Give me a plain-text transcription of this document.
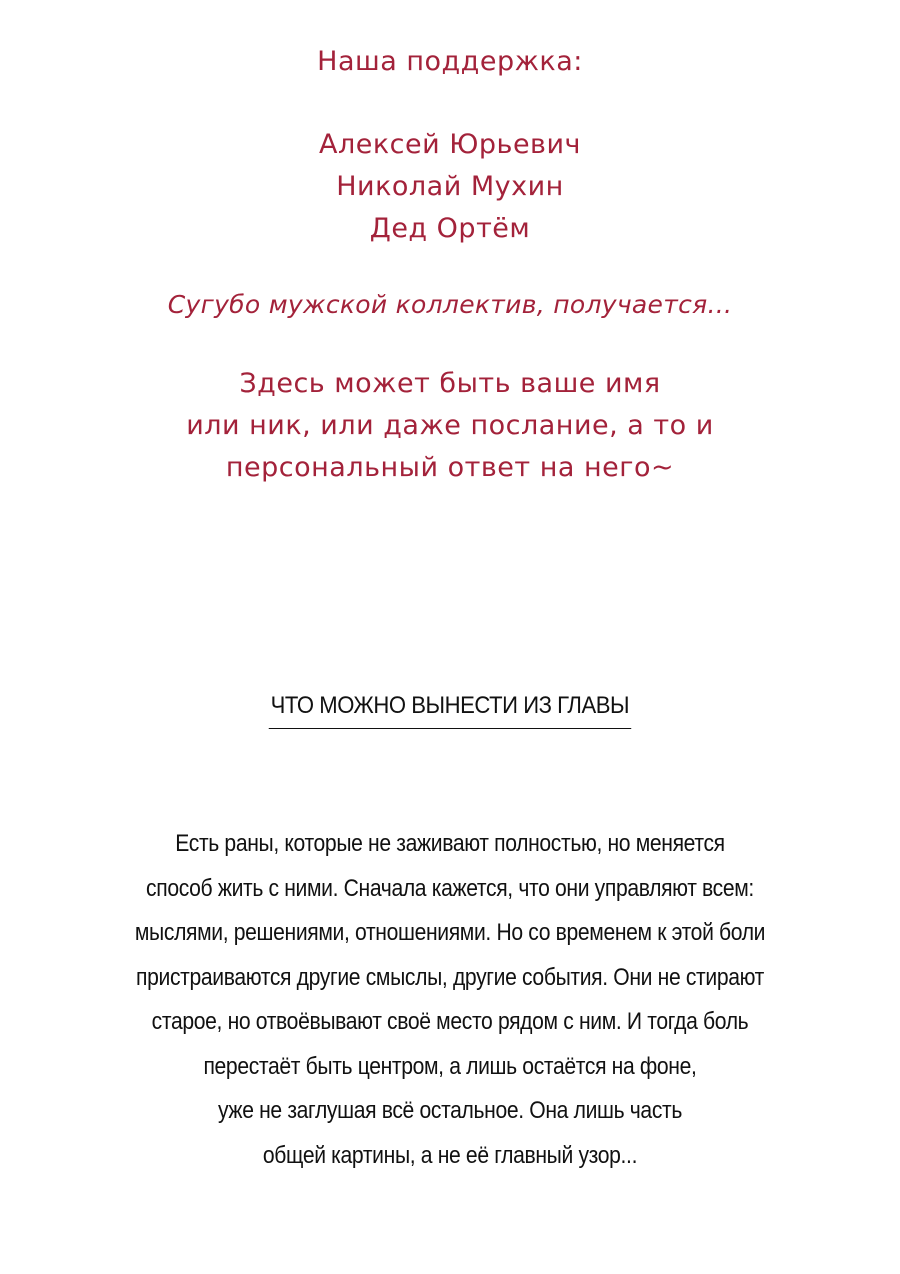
Наша поддержка:

Алексей Юрьевич
Николай Мухин
Дед Ортём

Сугубо мужской коллектив, получается...

Здесь может быть ваше имя
или ник, или даже послание, а то и
персональный ответ на него~
ЧТО МОЖНО ВЫНЕСТИ ИЗ ГЛАВЫ
Есть раны, которые не заживают полностью, но меняется
способ жить с ними. Сначала кажется, что они управляют всем:
мыслями, решениями, отношениями. Но со временем к этой боли
пристраиваются другие смыслы, другие события. Они не стирают
старое, но отвоёвывают своё место рядом с ним. И тогда боль
перестаёт быть центром, а лишь остаётся на фоне,
уже не заглушая всё остальное. Она лишь часть
общей картины, а не её главный узор...
